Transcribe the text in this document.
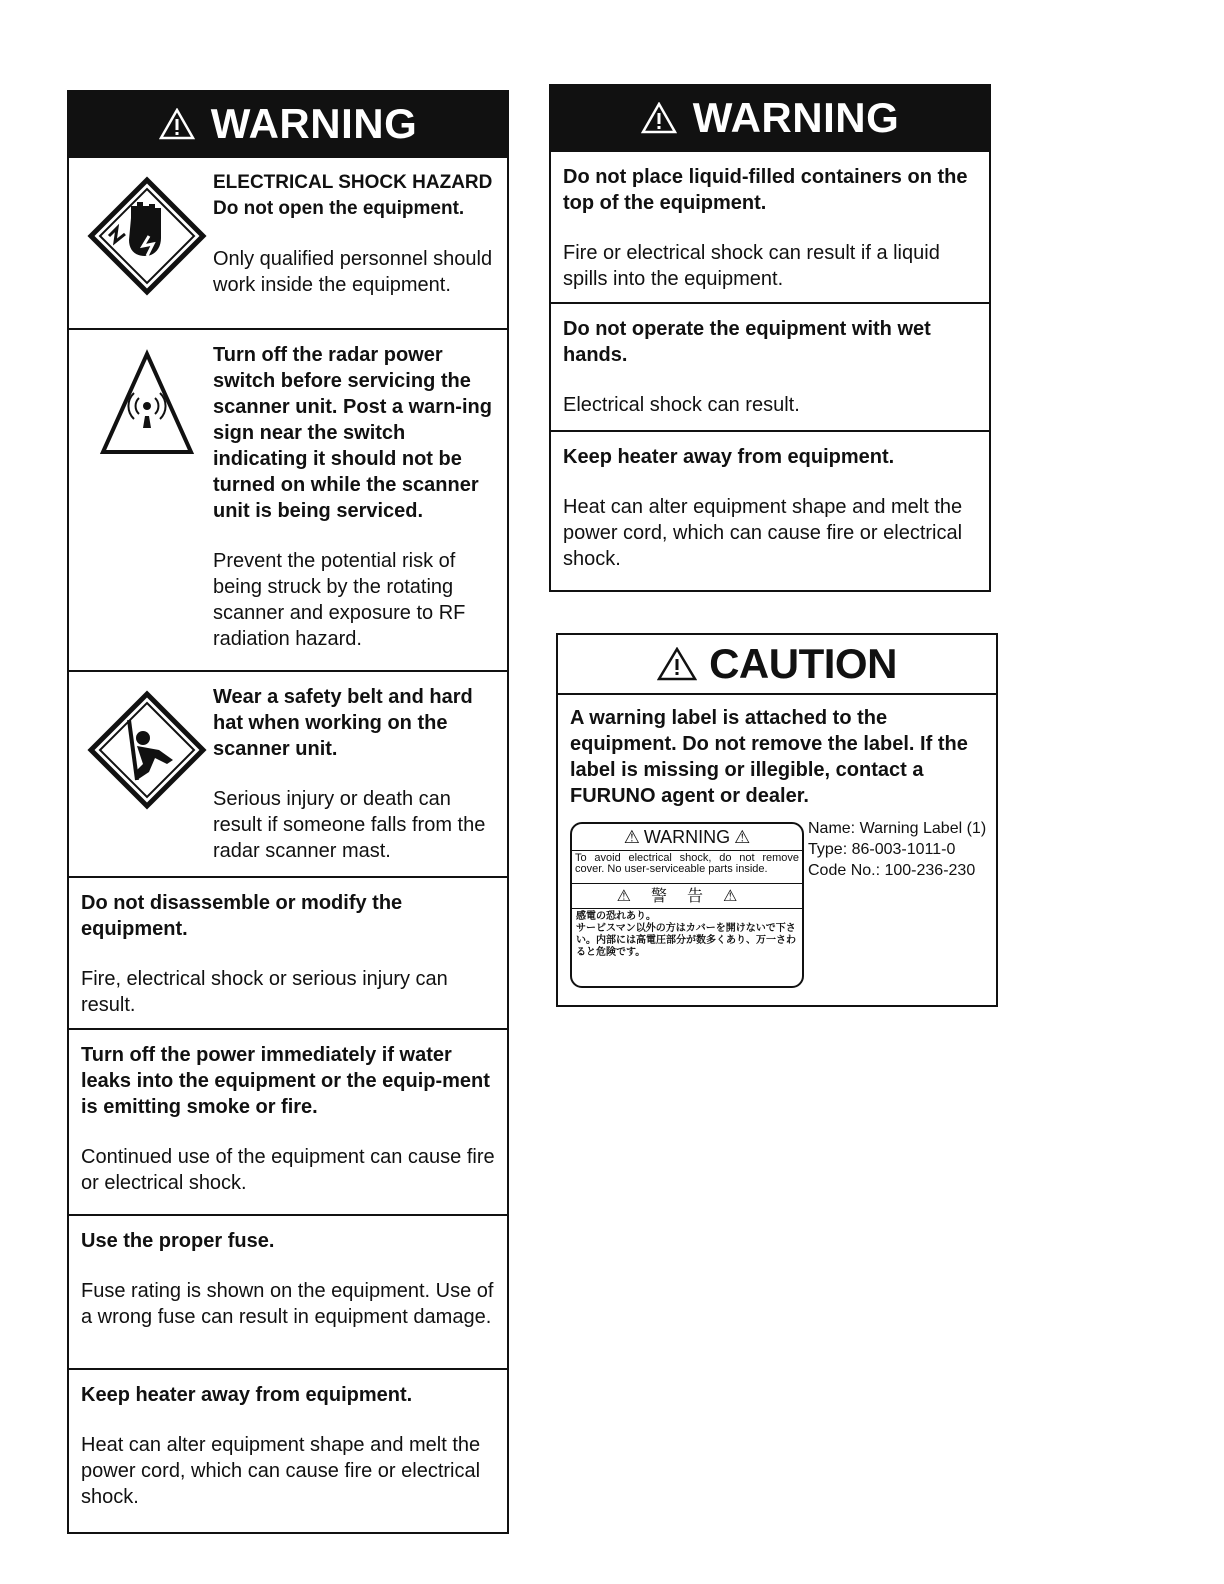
WARNING
ELECTRICAL SHOCK HAZARD
Do not open the equipment.
Only qualified personnel should work inside the equipment.
Turn off the radar power switch before servicing the scanner unit. Post a warn-ing sign near the switch indicating it should not be turned on while the scanner unit is being serviced.
Prevent the potential risk of being struck by the rotating scanner and exposure to RF radiation hazard.
Wear a safety belt and hard hat when working on the scanner unit.
Serious injury or death can result if someone falls from the radar scanner mast.
Do not disassemble or modify the equipment.
Fire, electrical shock or serious injury can result.
Turn off the power immediately if water leaks into the equipment or the equip-ment is emitting smoke or fire.
Continued use of the equipment can cause fire or electrical shock.
Use the proper fuse.
Fuse rating is shown on the equipment. Use of a wrong fuse can result in equipment damage.
Keep heater away from equipment.
Heat can alter equipment shape and melt the power cord, which can cause fire or electrical shock.
WARNING
Do not place liquid-filled containers on the top of the equipment.
Fire or electrical shock can result if a liquid spills into the equipment.
Do not operate the equipment with wet hands.
Electrical shock can result.
Keep heater away from equipment.
Heat can alter equipment shape and melt the power cord, which can cause fire or electrical shock.
CAUTION
A warning label is attached to the equipment. Do not remove the label. If the label is missing or illegible, contact a FURUNO agent or dealer.
⚠ WARNING ⚠
To avoid electrical shock, do not remove cover. No user-serviceable parts inside.
⚠ 警告 ⚠
感電の恐れあり。
サービスマン以外の方はカバーを開けないで下さい。内部には高電圧部分が数多くあり、万一さわると危険です。
Name: Warning Label (1)
Type: 86-003-1011-0
Code No.: 100-236-230
